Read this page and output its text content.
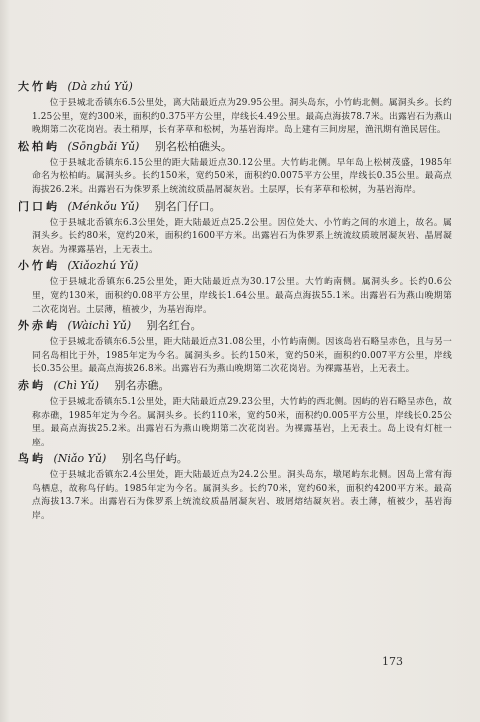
大竹屿 (Dà zhú Yǔ)

位于县城北岙镇东6.5公里处，离大陆最近点为29.95公里。洞头岛东，小竹屿北侧。属洞头乡。长约1.25公里，宽约300米，面积约0.375平方公里，岸线长4.49公里。最高点海拔78.7米。出露岩石为燕山晚期第二次花岗岩。表土稍厚，长有茅草和松树，为基岩海岸。岛上建有三间房屋，渔汛期有渔民居住。

松柏屿 (Sōngbǎi Yǔ) 别名松柏礁头。

位于县城北岙镇东6.15公里的距大陆最近点30.12公里。大竹屿北侧。早年岛上松树茂盛，1985年命名为松柏屿。属洞头乡。长约150米，宽约50米，面积约0.0075平方公里，岸线长0.35公里。最高点海拔26.2米。出露岩石为侏罗系上统流纹质晶屑凝灰岩。土层厚，长有茅草和松树，为基岩海岸。

门口屿 (Ménkǒu Yǔ) 别名门仔口。

位于县城北岙镇东6.3公里处，距大陆最近点25.2公里。因位处大、小竹屿之间的水道上，故名。属洞头乡。长约80米，宽约20米，面积约1600平方米。出露岩石为侏罗系上统流纹质玻屑凝灰岩、晶屑凝灰岩。为裸露基岩，上无表土。

小竹屿 (Xiǎozhú Yǔ)

位于县城北岙镇东6.25公里处，距大陆最近点为30.17公里。大竹屿南侧。属洞头乡。长约0.6公里，宽约130米，面积约0.08平方公里，岸线长1.64公里。最高点海拔55.1米。出露岩石为燕山晚期第二次花岗岩。土层薄，植被少，为基岩海岸。

外赤屿 (Wàichì Yǔ) 别名红台。

位于县城北岙镇东6.5公里，距大陆最近点31.08公里，小竹屿南侧。因该岛岩石略呈赤色，且与另一同名岛相比于外，1985年定为今名。属洞头乡。长约150米，宽约50米，面积约0.007平方公里，岸线长0.35公里。最高点海拔26.8米。出露岩石为燕山晚期第二次花岗岩。为裸露基岩，上无表土。

赤屿 (Chì Yǔ) 别名赤礁。

位于县城北岙镇东5.1公里处，距大陆最近点29.23公里，大竹屿的西北侧。因屿的岩石略呈赤色，故称赤礁，1985年定为今名。属洞头乡。长约110米，宽约50米，面积约0.005平方公里，岸线长0.25公里。最高点海拔25.2米。出露岩石为燕山晚期第二次花岗岩。为裸露基岩，上无表土。岛上设有灯桩一座。

鸟屿 (Niǎo Yǔ) 别名鸟仔屿。

位于县城北岙镇东2.4公里处，距大陆最近点为24.2公里。洞头岛东，墩尾屿东北侧。因岛上常有海鸟栖息，故称鸟仔屿。1985年定为今名。属洞头乡。长约70米，宽约60米，面积约4200平方米。最高点海拔13.7米。出露岩石为侏罗系上统流纹质晶屑凝灰岩、玻屑熔结凝灰岩。表土薄，植被少，基岩海岸。

173
